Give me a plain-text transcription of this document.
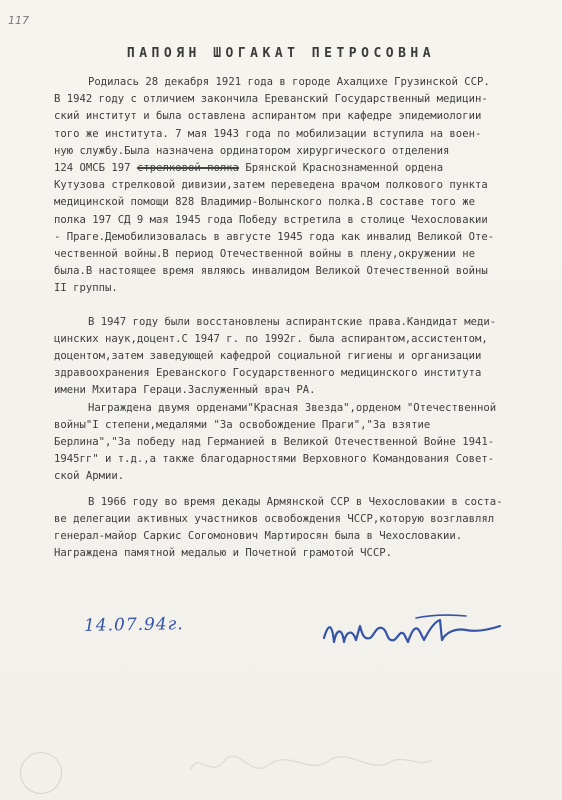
117
ПАПОЯН ШОГАКАТ ПЕТРОСОВНА
Родилась 28 декабря 1921 года в городе Ахалцихе Грузинской ССР.
В 1942 году с отличием закончила Ереванский Государственный медицин-
ский институт и была оставлена аспирантом при кафедре эпидемиологии
того же института. 7 мая 1943 года по мобилизации вступила на воен-
ную службу.Была назначена ординатором хирургического отделения
124 ОМСБ 197 стрелковой полка Брянской Краснознаменной ордена
Кутузова стрелковой дивизии,затем переведена врачом полкового пункта
медицинской помощи 828 Владимир-Волынского полка.В составе того же
полка 197 СД 9 мая 1945 года Победу встретила в столице Чехословакии
- Праге.Демобилизовалась в августе 1945 года как инвалид Великой Оте-
чественной войны.В период Отечественной войны в плену,окружении не
была.В настоящее время являюсь инвалидом Великой Отечественной войны
II группы.
В 1947 году были восстановлены аспирантские права.Кандидат меди-
цинских наук,доцент.С 1947 г. по 1992г. была аспирантом,ассистентом,
доцентом,затем заведующей кафедрой социальной гигиены и организации
здравоохранения Ереванского Государственного медицинского института
имени Мхитара Гераци.Заслуженный врач РА.
Награждена двумя орденами"Красная Звезда",орденом "Отечественной
войны"I степени,медалями "За освобождение Праги","За взятие
Берлина","За победу над Германией в Великой Отечественной Войне 1941-
1945гг" и т.д.,а также благодарностями Верховного Командования Совет-
ской Армии.
В 1966 году во время декады Армянской ССР в Чехословакии в соста-
ве делегации активных участников освобождения ЧССР,которую возглавлял
генерал-майор Саркис Согомонович Мартиросян была в Чехословакии.
Награждена памятной медалью и Почетной грамотой ЧССР.
14.07.94г.
